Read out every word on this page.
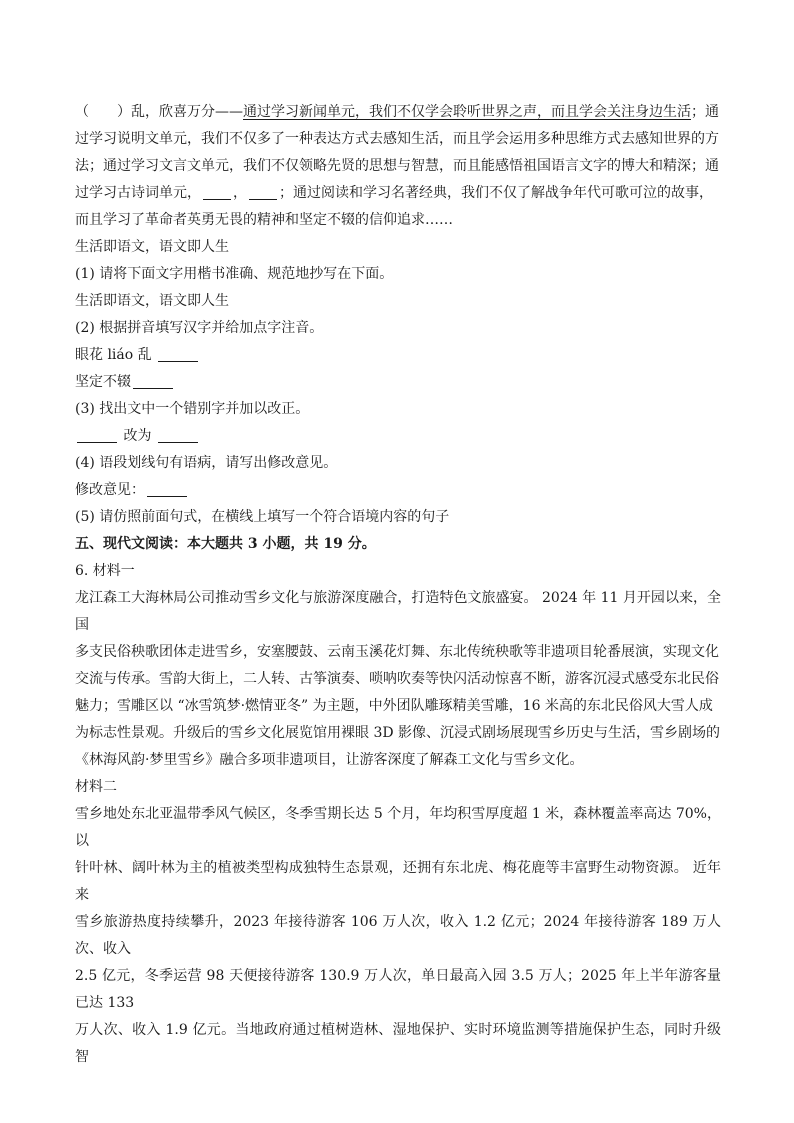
（　　）乱，欣喜万分——通过学习新闻单元，我们不仅学会聆听世界之声，而且学会关注身边生活；通

过学习说明文单元，我们不仅多了一种表达方式去感知生活，而且学会运用多种思维方式去感知世界的方

法；通过学习文言文单元，我们不仅领略先贤的思想与智慧，而且能感悟祖国语言文字的博大和精深；通

过学习古诗词单元， ， ；通过阅读和学习名著经典，我们不仅了解战争年代可歌可泣的故事，

而且学习了革命者英勇无畏的精神和坚定不辍的信仰追求……

生活即语文，语文即人生

(1) 请将下面文字用楷书准确、规范地抄写在下面。

生活即语文，语文即人生

(2) 根据拼音填写汉字并给加点字注音。

眼花 liáo 乱

坚定不辍

(3) 找出文中一个错别字并加以改正。

改为

(4) 语段划线句有语病，请写出修改意见。

修改意见：

(5) 请仿照前面句式，在横线上填写一个符合语境内容的句子

五、现代文阅读：本大题共 3 小题，共 19 分。

6. 材料一

龙江森工大海林局公司推动雪乡文化与旅游深度融合，打造特色文旅盛宴。 2024 年 11 月开园以来，全国

多支民俗秧歌团体走进雪乡，安塞腰鼓、云南玉溪花灯舞、东北传统秧歌等非遗项目轮番展演，实现文化

交流与传承。雪韵大街上，二人转、古筝演奏、唢呐吹奏等快闪活动惊喜不断，游客沉浸式感受东北民俗

魅力；雪雕区以 “冰雪筑梦·燃情亚冬” 为主题，中外团队雕琢精美雪雕，16 米高的东北民俗风大雪人成

为标志性景观。升级后的雪乡文化展览馆用裸眼 3D 影像、沉浸式剧场展现雪乡历史与生活，雪乡剧场的

《林海风韵·梦里雪乡》融合多项非遗项目，让游客深度了解森工文化与雪乡文化。

材料二

雪乡地处东北亚温带季风气候区，冬季雪期长达 5 个月，年均积雪厚度超 1 米，森林覆盖率高达 70%，以

针叶林、阔叶林为主的植被类型构成独特生态景观，还拥有东北虎、梅花鹿等丰富野生动物资源。 近年来

雪乡旅游热度持续攀升，2023 年接待游客 106 万人次，收入 1.2 亿元；2024 年接待游客 189 万人次、收入

2.5 亿元，冬季运营 98 天便接待游客 130.9 万人次，单日最高入园 3.5 万人；2025 年上半年游客量已达 133

万人次、收入 1.9 亿元。当地政府通过植树造林、湿地保护、实时环境监测等措施保护生态，同时升级智
